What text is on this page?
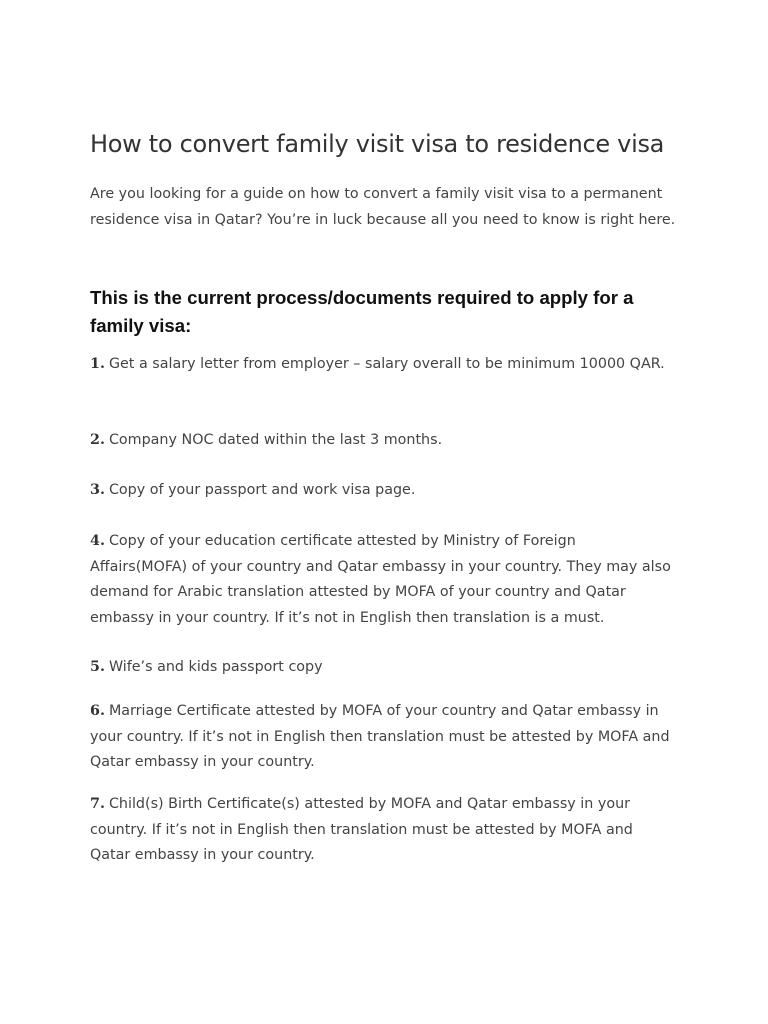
How to convert family visit visa to residence visa

Are you looking for a guide on how to convert a family visit visa to a permanent residence visa in Qatar? You’re in luck because all you need to know is right here.

This is the current process/documents required to apply for a family visa:

1. Get a salary letter from employer – salary overall to be minimum 10000 QAR.

2. Company NOC dated within the last 3 months.

3. Copy of your passport and work visa page.

4. Copy of your education certificate attested by Ministry of Foreign Affairs(MOFA) of your country and Qatar embassy in your country. They may also demand for Arabic translation attested by MOFA of your country and Qatar embassy in your country. If it’s not in English then translation is a must.

5. Wife’s and kids passport copy

6. Marriage Certificate attested by MOFA of your country and Qatar embassy in your country. If it’s not in English then translation must be attested by MOFA and Qatar embassy in your country.

7. Child(s) Birth Certificate(s) attested by MOFA and Qatar embassy in your country. If it’s not in English then translation must be attested by MOFA and Qatar embassy in your country.
